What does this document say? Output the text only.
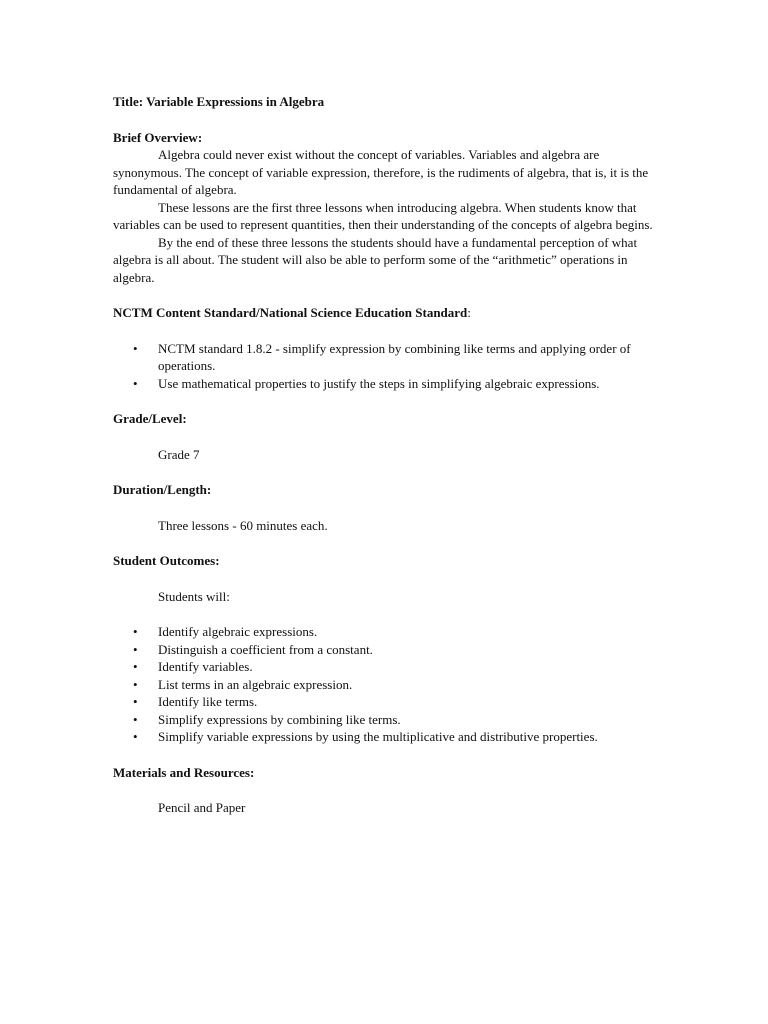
Title: Variable Expressions in Algebra

Brief Overview:

Algebra could never exist without the concept of variables. Variables and algebra are synonymous. The concept of variable expression, therefore, is the rudiments of algebra, that is, it is the fundamental of algebra.

These lessons are the first three lessons when introducing algebra. When students know that variables can be used to represent quantities, then their understanding of the concepts of algebra begins.

By the end of these three lessons the students should have a fundamental perception of what algebra is all about. The student will also be able to perform some of the “arithmetic” operations in algebra.

NCTM Content Standard/National Science Education Standard:

• NCTM standard 1.8.2 - simplify expression by combining like terms and applying order of operations.
• Use mathematical properties to justify the steps in simplifying algebraic expressions.

Grade/Level:

Grade 7

Duration/Length:

Three lessons - 60 minutes each.

Student Outcomes:

Students will:

• Identify algebraic expressions.
• Distinguish a coefficient from a constant.
• Identify variables.
• List terms in an algebraic expression.
• Identify like terms.
• Simplify expressions by combining like terms.
• Simplify variable expressions by using the multiplicative and distributive properties.

Materials and Resources:

Pencil and Paper
